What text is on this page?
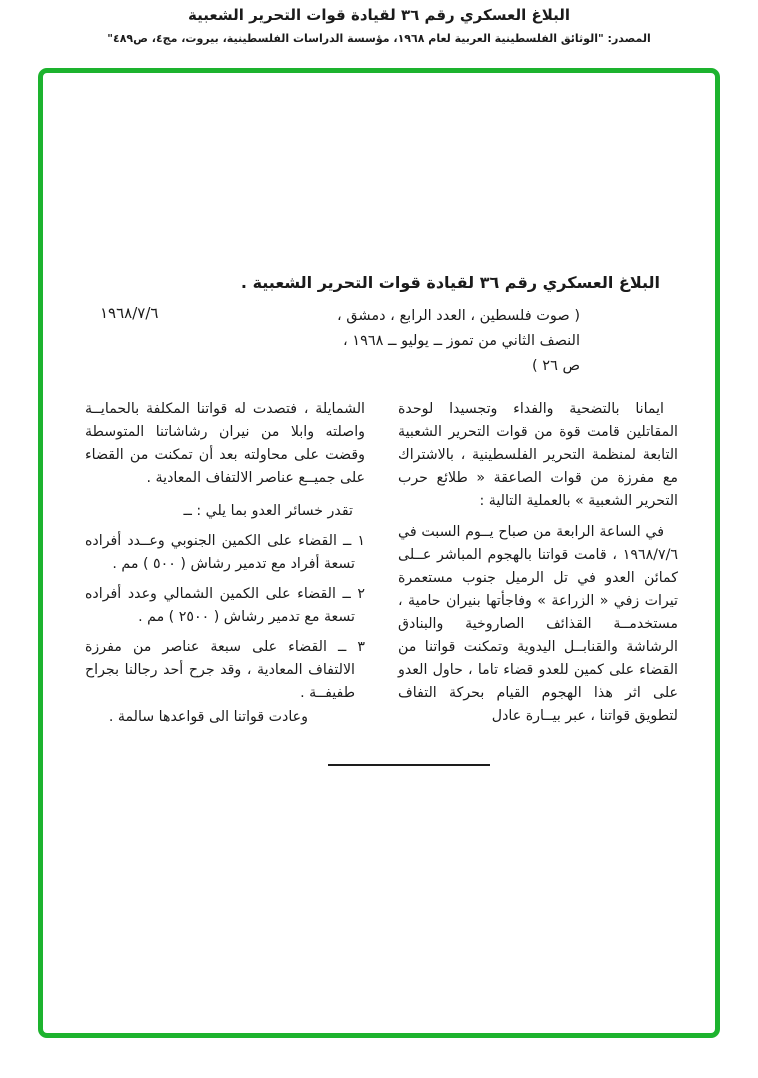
البلاغ العسكري رقم ٣٦ لقيادة قوات التحرير الشعبية
المصدر: "الوثائق الفلسطينية العربية لعام ١٩٦٨، مؤسسة الدراسات الفلسطينية، بيروت، مج٤، ص٤٨٩"
البلاغ العسكري رقم ٣٦ لقيادة قوات التحرير الشعبية .
١٩٦٨/٧/٦	( صوت فلسطين ، العدد الرابع ، دمشق ،
النصف الثاني من تموز ــ يوليو ــ ١٩٦٨ ،
ص ٢٦ )

ايمانا بالتضحية والفداء وتجسيدا لوحدة المقاتلين قامت قوة من قوات التحرير الشعبية التابعة لمنظمة التحرير الفلسطينية ، بالاشتراك مع مفرزة من قوات الصاعقة « طلائع حرب التحرير الشعبية » بالعملية التالية :

في الساعة الرابعة من صباح يــوم السبت في ١٩٦٨/٧/٦ ، قامت قواتنا بالهجوم المباشر عــلى كمائن العدو في تل الرميل جنوب مستعمرة تيرات زفي « الزراعة » وفاجأتها بنيران حامية ، مستخدمــة القذائف الصاروخية والبنادق الرشاشة والقنابــل اليدوية وتمكنت قواتنا من القضاء على كمين للعدو قضاء تاما ، حاول العدو على اثر هذا الهجوم القيام بحركة التفاف لتطويق قواتنا ، عبر بيــارة عادل

الشمايلة ، فتصدت له قواتنا المكلفة بالحمايــة واصلته وابلا من نيران رشاشاتنا المتوسطة وقضت على محاولته بعد أن تمكنت من القضاء على جميــع عناصر الالتفاف المعادية .

تقدر خسائر العدو بما يلي : ــ

١ ــ القضاء على الكمين الجنوبي وعــدد أفراده تسعة أفراد مع تدمير رشاش ( ٥٠٠ ) مم .

٢ ــ القضاء على الكمين الشمالي وعدد أفراده تسعة مع تدمير رشاش ( ٢٥٠٠ ) مم .

٣ ــ القضاء على سبعة عناصر من مفرزة الالتفاف المعادية ، وقد جرح أحد رجالنا بجراح طفيفــة .

وعادت قواتنا الى قواعدها سالمة .
